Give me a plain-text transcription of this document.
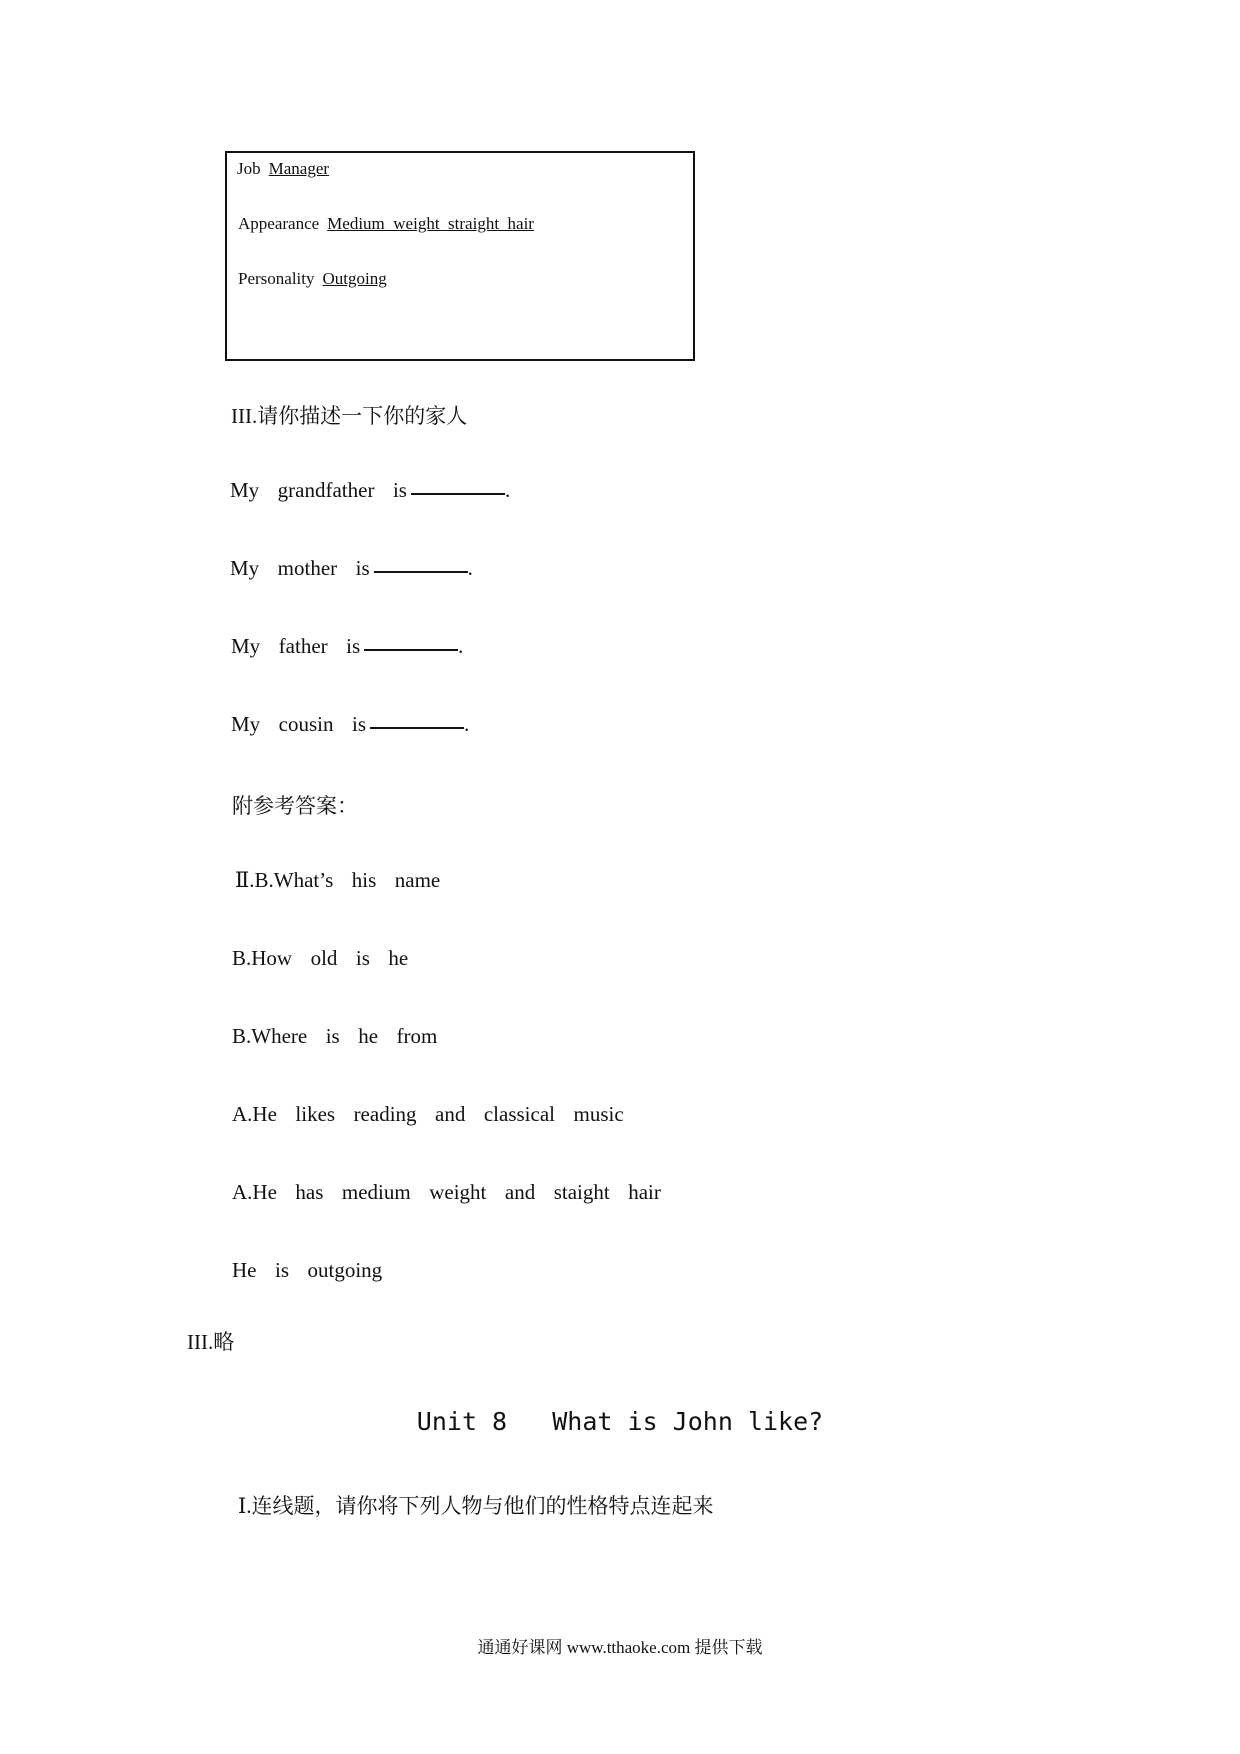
Job Manager
Appearance Medium  weight  straight  hair
Personality Outgoing
III.请你描述一下你的家人
My  grandfather  is	.
My  mother  is	.
My  father  is	.
My  cousin  is	.
附参考答案：
Ⅱ.B.What’s  his  name
B.How  old  is  he
B.Where  is  he  from
A.He  likes  reading  and  classical  music
A.He  has  medium  weight  and  staight  hair
He  is  outgoing
III.略
Unit 8   What is John like?
Ⅰ.连线题，请你将下列人物与他们的性格特点连起来
通通好课网 www.tthaoke.com 提供下载
